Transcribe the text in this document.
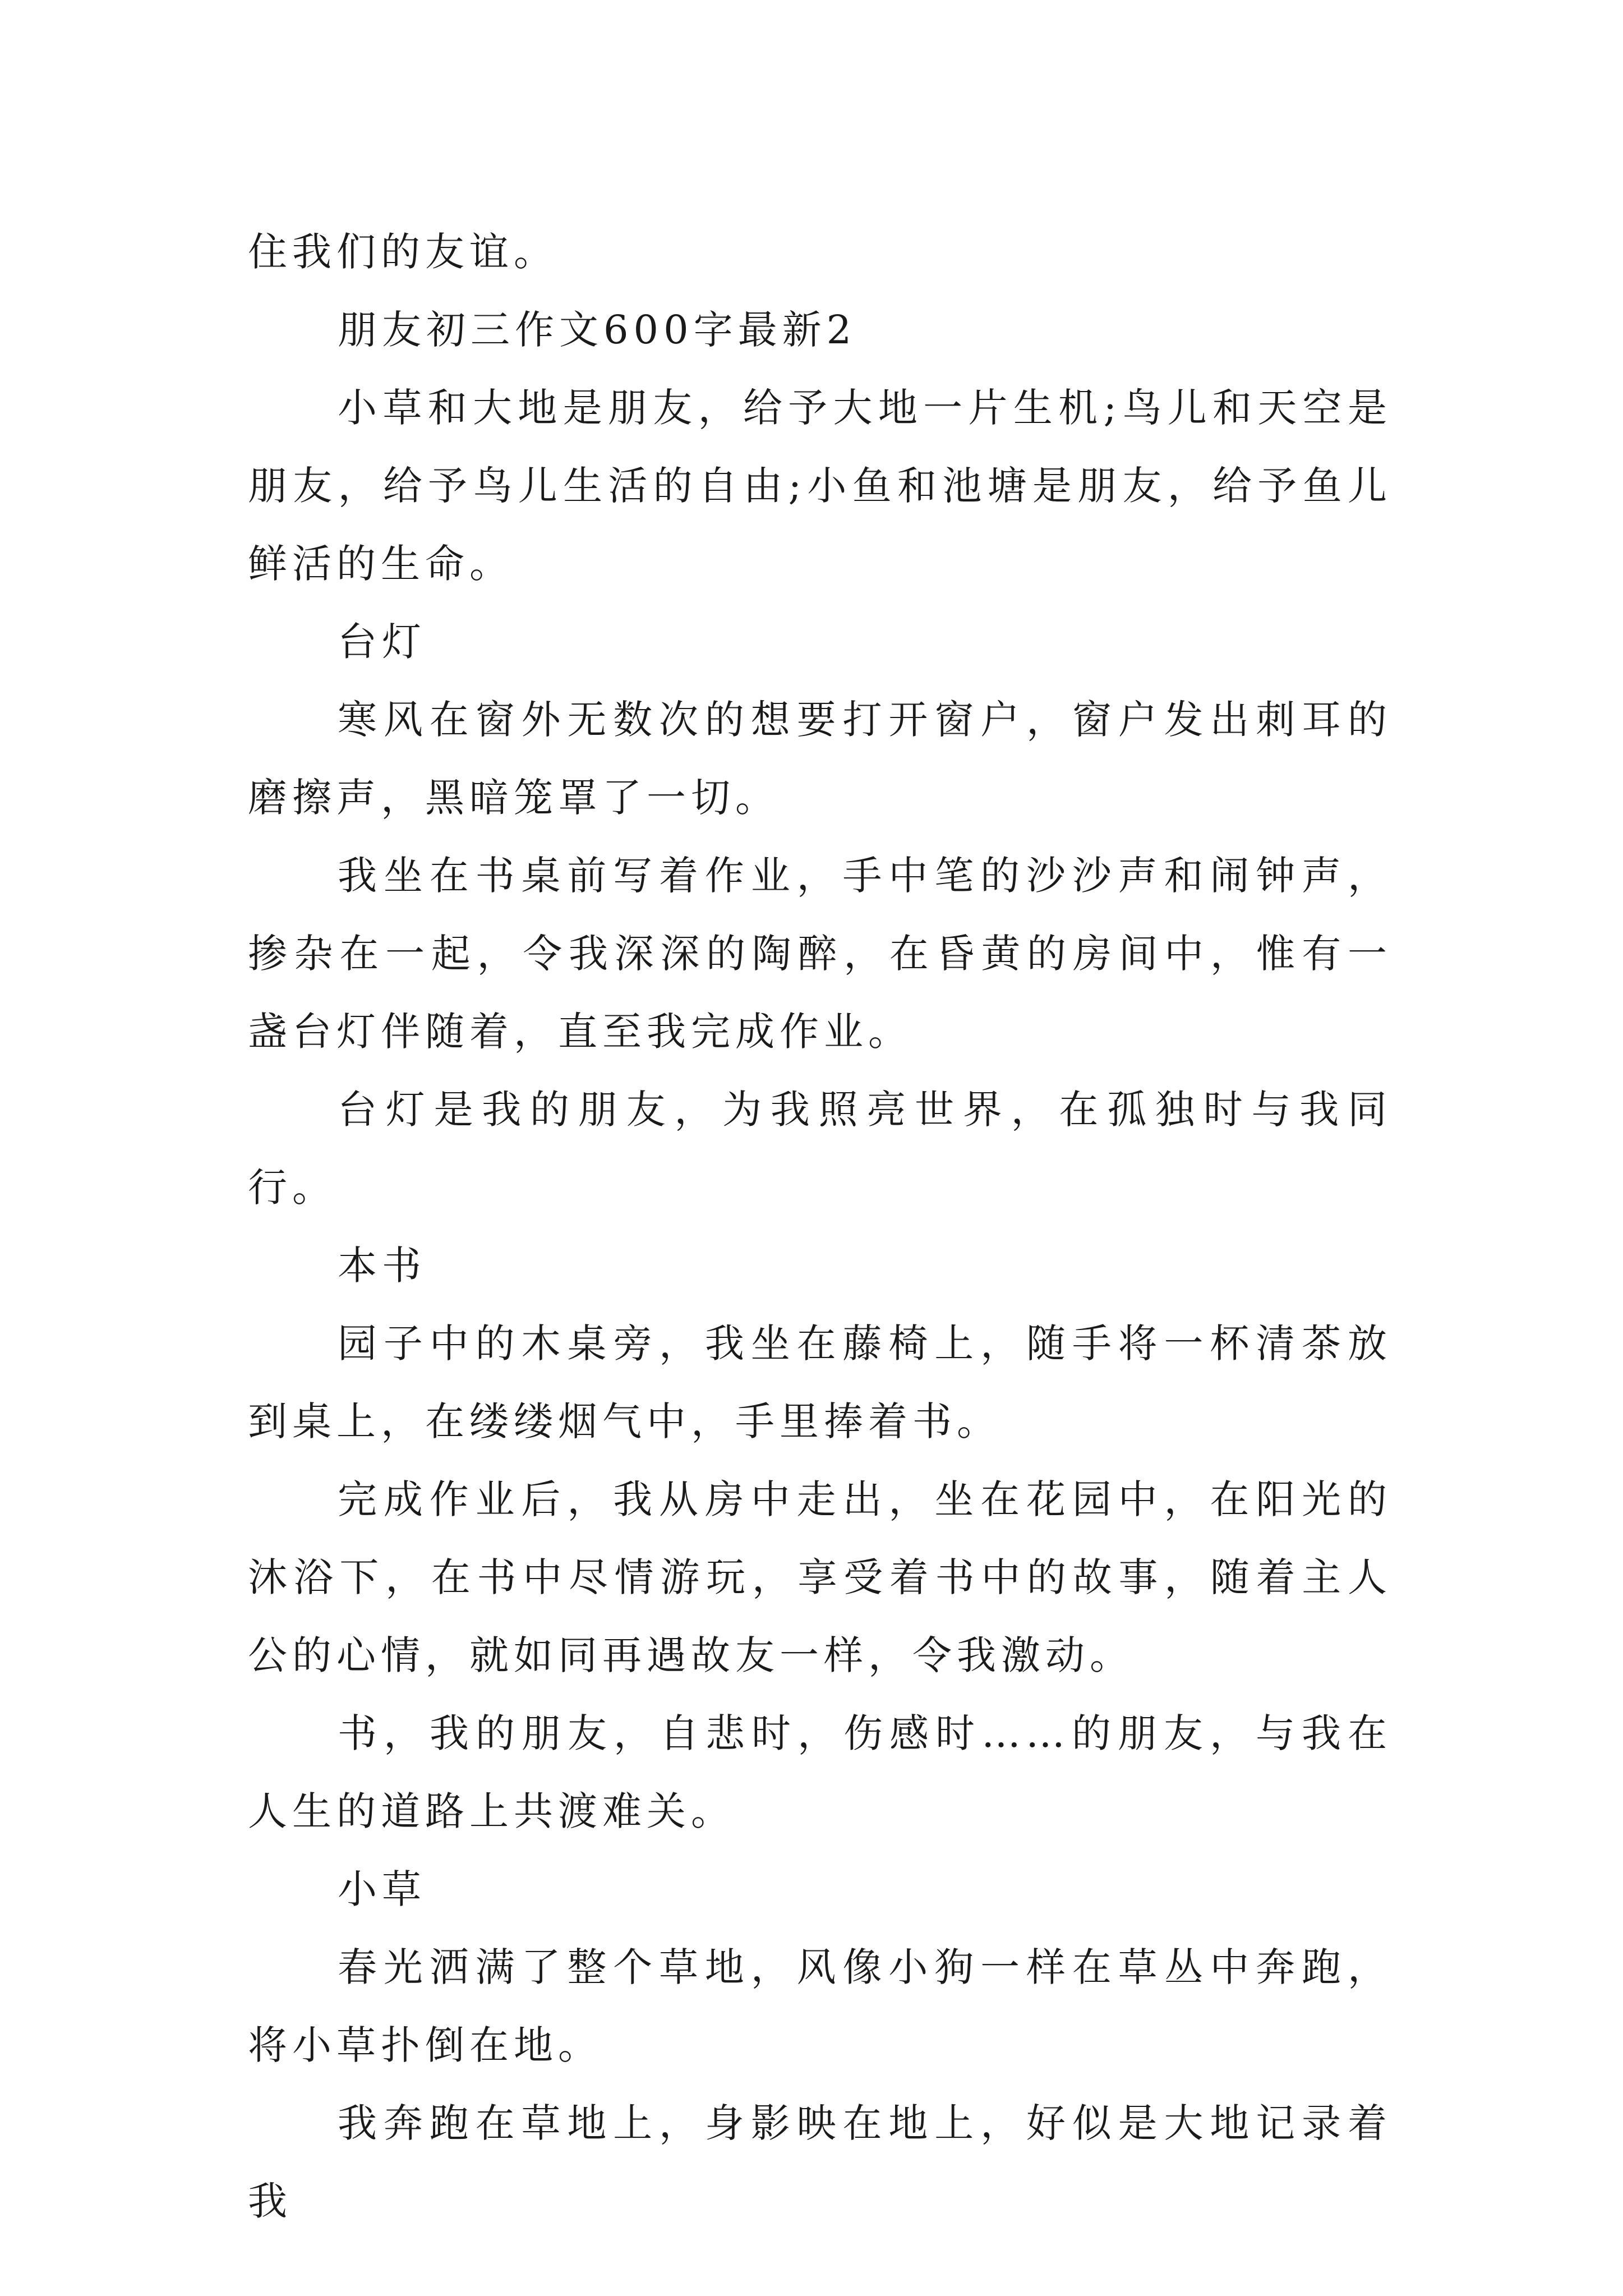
住我们的友谊。

朋友初三作文600字最新2

小草和大地是朋友，给予大地一片生机;鸟儿和天空是朋友，给予鸟儿生活的自由;小鱼和池塘是朋友，给予鱼儿鲜活的生命。

台灯

寒风在窗外无数次的想要打开窗户，窗户发出刺耳的磨擦声，黑暗笼罩了一切。

我坐在书桌前写着作业，手中笔的沙沙声和闹钟声，掺杂在一起，令我深深的陶醉，在昏黄的房间中，惟有一盏台灯伴随着，直至我完成作业。

台灯是我的朋友，为我照亮世界，在孤独时与我同行。

本书

园子中的木桌旁，我坐在藤椅上，随手将一杯清茶放到桌上，在缕缕烟气中，手里捧着书。

完成作业后，我从房中走出，坐在花园中，在阳光的沐浴下，在书中尽情游玩，享受着书中的故事，随着主人公的心情，就如同再遇故友一样，令我激动。

书，我的朋友，自悲时，伤感时……的朋友，与我在人生的道路上共渡难关。

小草

春光洒满了整个草地，风像小狗一样在草丛中奔跑，将小草扑倒在地。

我奔跑在草地上，身影映在地上，好似是大地记录着我
